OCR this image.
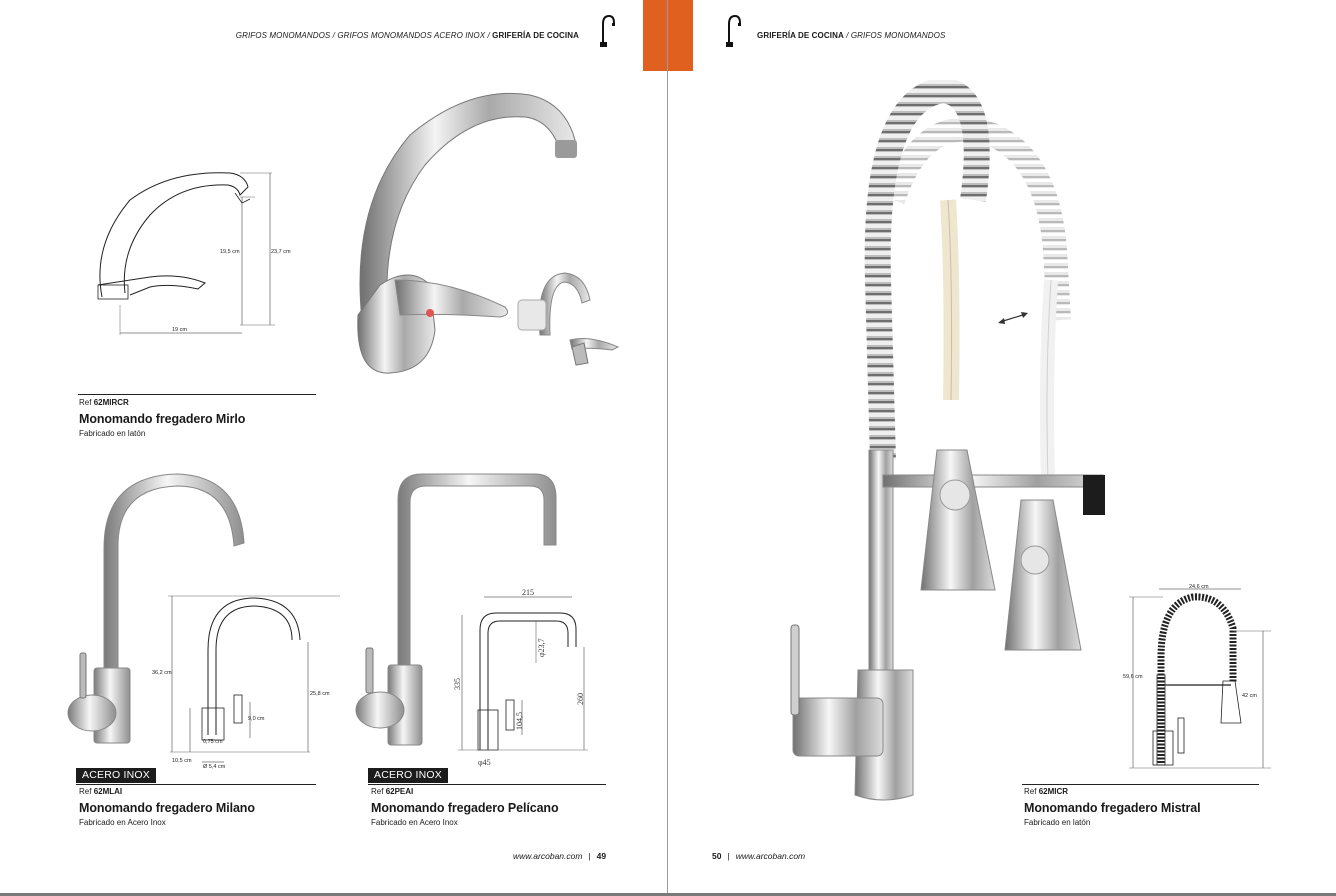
GRIFOS MONOMANDOS / GRIFOS MONOMANDOS ACERO INOX / GRIFERÍA DE COCINA
19,5 cm	23,7 cm
19 cm
Ref 62MIRCR
Monomando fregadero Mirlo
Fabricado en latón
36,2 cm
25,8 cm
9,0 cm
10,5 cm
0,75 cm
Ø 5,4 cm
ACERO INOX
Ref 62MLAI
Monomando fregadero Milano
Fabricado en Acero Inox
215
335
260
φ23,7
104,5
φ45
ACERO INOX
Ref 62PEAI
Monomando fregadero Pelícano
Fabricado en Acero Inox
www.arcoban.com | 49
GRIFERÍA DE COCINA / GRIFOS MONOMANDOS
24,6 cm
59,6 cm
42 cm
Ref 62MICR
Monomando fregadero Mistral
Fabricado en latón
50 | www.arcoban.com
